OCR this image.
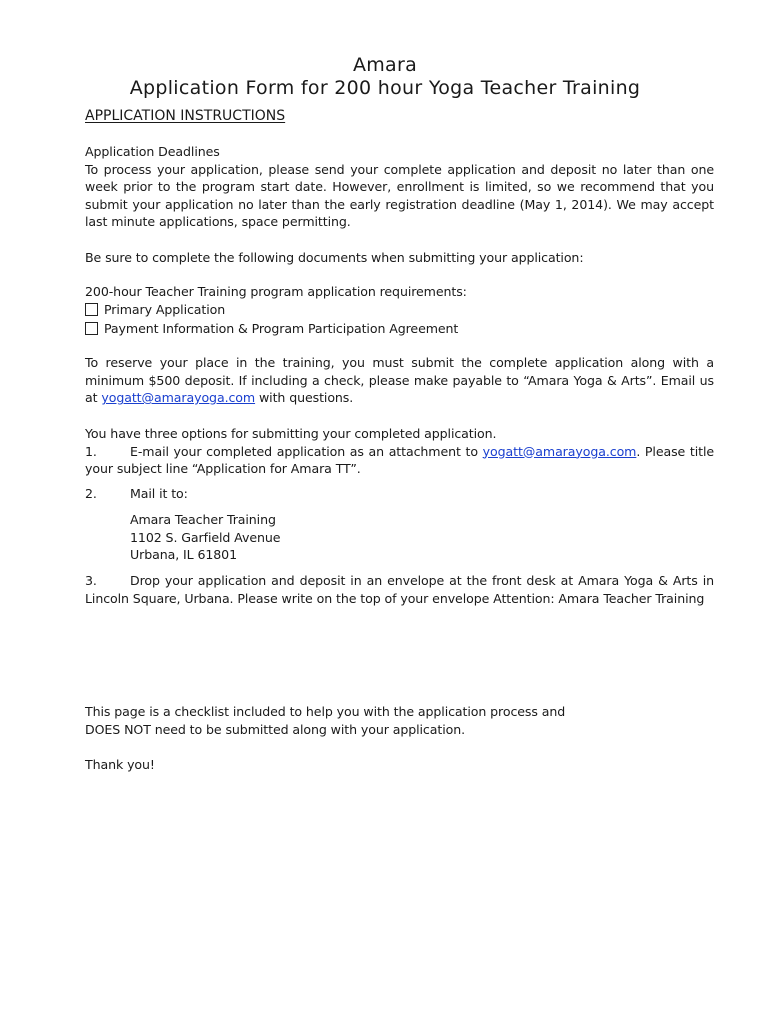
Amara
Application Form for 200 hour Yoga Teacher Training
APPLICATION INSTRUCTIONS
Application Deadlines
To process your application, please send your complete application and deposit no later than one week prior to the program start date. However, enrollment is limited, so we recommend that you submit your application no later than the early registration deadline (May 1, 2014). We may accept last minute applications, space permitting.
Be sure to complete the following documents when submitting your application:
200-hour Teacher Training program application requirements:
Primary Application
Payment Information & Program Participation Agreement
To reserve your place in the training, you must submit the complete application along with a minimum $500 deposit. If including a check, please make payable to “Amara Yoga & Arts”. Email us at yogatt@amarayoga.com with questions.
You have three options for submitting your completed application.
1.	E-mail your completed application as an attachment to yogatt@amarayoga.com. Please title your subject line “Application for Amara TT”.
2.	Mail it to:
Amara Teacher Training
1102 S. Garfield Avenue
Urbana, IL 61801
3.	Drop your application and deposit in an envelope at the front desk at Amara Yoga & Arts in Lincoln Square, Urbana. Please write on the top of your envelope Attention: Amara Teacher Training
This page is a checklist included to help you with the application process and
DOES NOT need to be submitted along with your application.
Thank you!
